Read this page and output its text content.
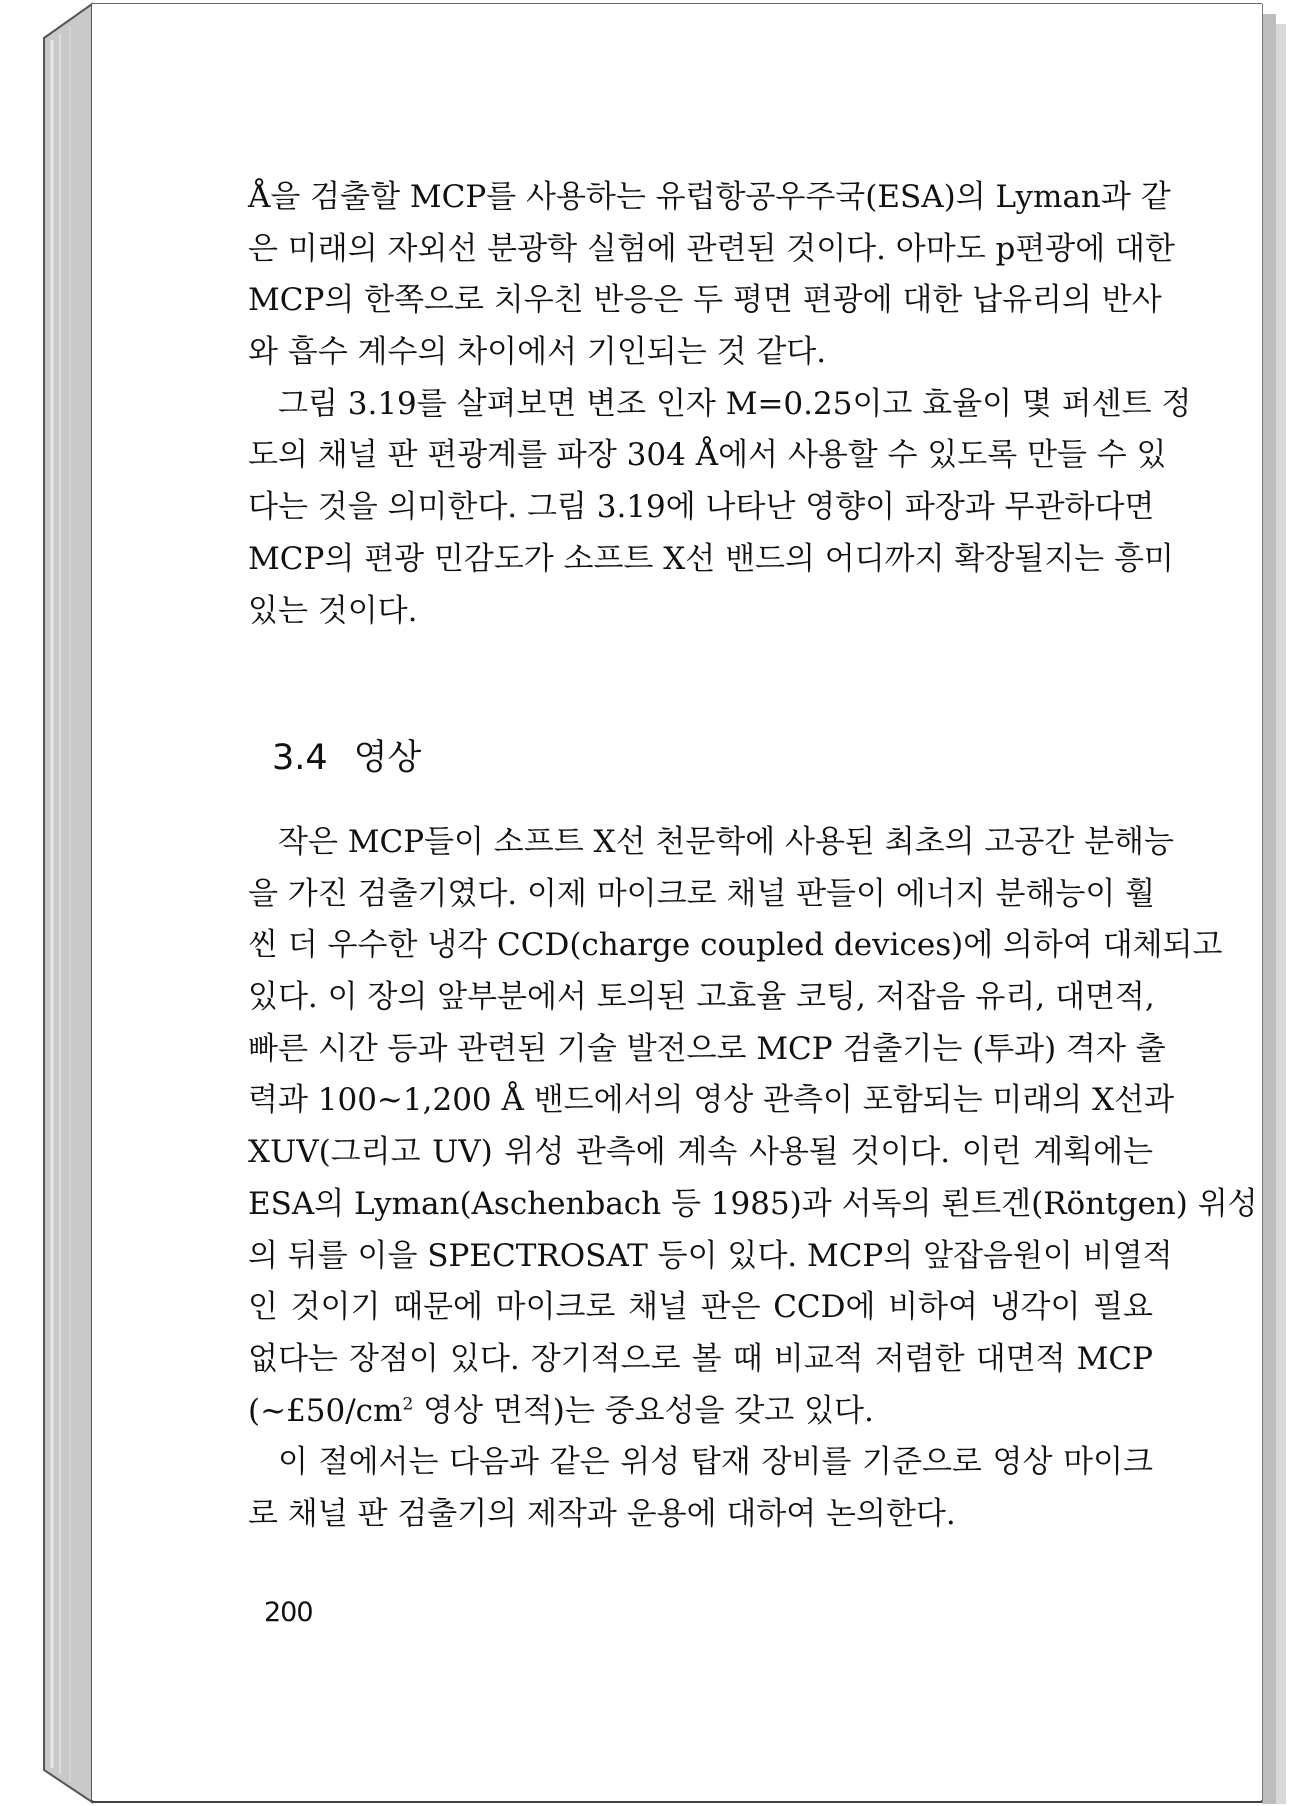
Å을 검출할 MCP를 사용하는 유럽항공우주국(ESA)의 Lyman과 같
은 미래의 자외선 분광학 실험에 관련된 것이다. 아마도 p편광에 대한
MCP의 한쪽으로 치우친 반응은 두 평면 편광에 대한 납유리의 반사
와 흡수 계수의 차이에서 기인되는 것 같다.
그림 3.19를 살펴보면 변조 인자 M=0.25이고 효율이 몇 퍼센트 정
도의 채널 판 편광계를 파장 304 Å에서 사용할 수 있도록 만들 수 있
다는 것을 의미한다. 그림 3.19에 나타난 영향이 파장과 무관하다면
MCP의 편광 민감도가 소프트 X선 밴드의 어디까지 확장될지는 흥미
있는 것이다.
3.4 영상
작은 MCP들이 소프트 X선 천문학에 사용된 최초의 고공간 분해능
을 가진 검출기였다. 이제 마이크로 채널 판들이 에너지 분해능이 훨
씬 더 우수한 냉각 CCD(charge coupled devices)에 의하여 대체되고
있다. 이 장의 앞부분에서 토의된 고효율 코팅, 저잡음 유리, 대면적,
빠른 시간 등과 관련된 기술 발전으로 MCP 검출기는 (투과) 격자 출
력과 100~1,200 Å 밴드에서의 영상 관측이 포함되는 미래의 X선과
XUV(그리고 UV) 위성 관측에 계속 사용될 것이다. 이런 계획에는
ESA의 Lyman(Aschenbach 등 1985)과 서독의 뢴트겐(Röntgen) 위성
의 뒤를 이을 SPECTROSAT 등이 있다. MCP의 앞잡음원이 비열적
인 것이기 때문에 마이크로 채널 판은 CCD에 비하여 냉각이 필요
없다는 장점이 있다. 장기적으로 볼 때 비교적 저렴한 대면적 MCP
($\sim£50/cm^2$ 영상 면적)는 중요성을 갖고 있다.
이 절에서는 다음과 같은 위성 탑재 장비를 기준으로 영상 마이크
로 채널 판 검출기의 제작과 운용에 대하여 논의한다.
200
